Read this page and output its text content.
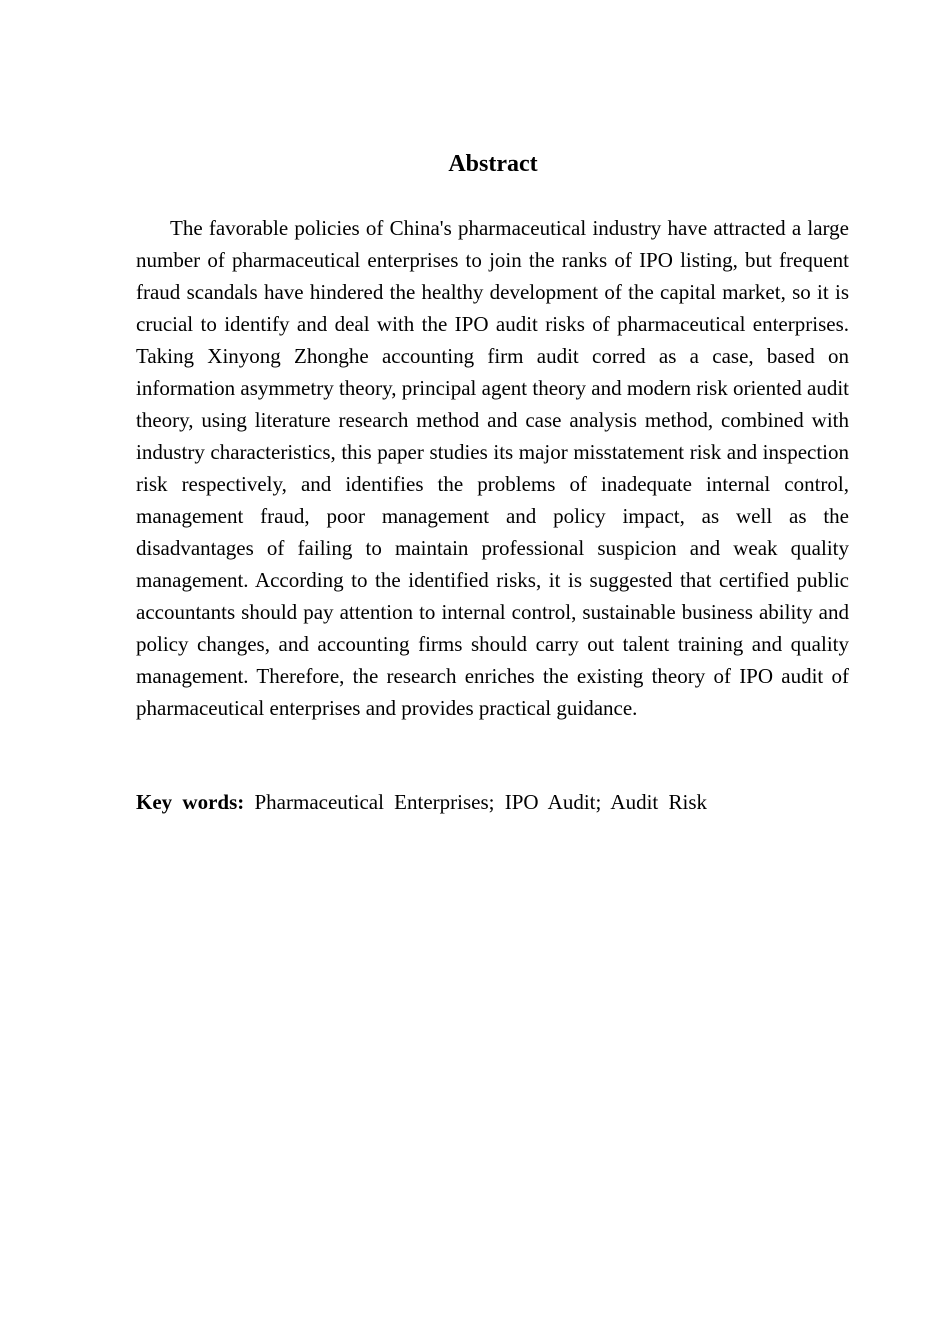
Abstract

The favorable policies of China's pharmaceutical industry have attracted a large number of pharmaceutical enterprises to join the ranks of IPO listing, but frequent fraud scandals have hindered the healthy development of the capital market, so it is crucial to identify and deal with the IPO audit risks of pharmaceutical enterprises. Taking Xinyong Zhonghe accounting firm audit corred as a case, based on information asymmetry theory, principal agent theory and modern risk oriented audit theory, using literature research method and case analysis method, combined with industry characteristics, this paper studies its major misstatement risk and inspection risk respectively, and identifies the problems of inadequate internal control, management fraud, poor management and policy impact, as well as the disadvantages of failing to maintain professional suspicion and weak quality management. According to the identified risks, it is suggested that certified public accountants should pay attention to internal control, sustainable business ability and policy changes, and accounting firms should carry out talent training and quality management. Therefore, the research enriches the existing theory of IPO audit of pharmaceutical enterprises and provides practical guidance.

Key words: Pharmaceutical Enterprises; IPO Audit; Audit Risk
